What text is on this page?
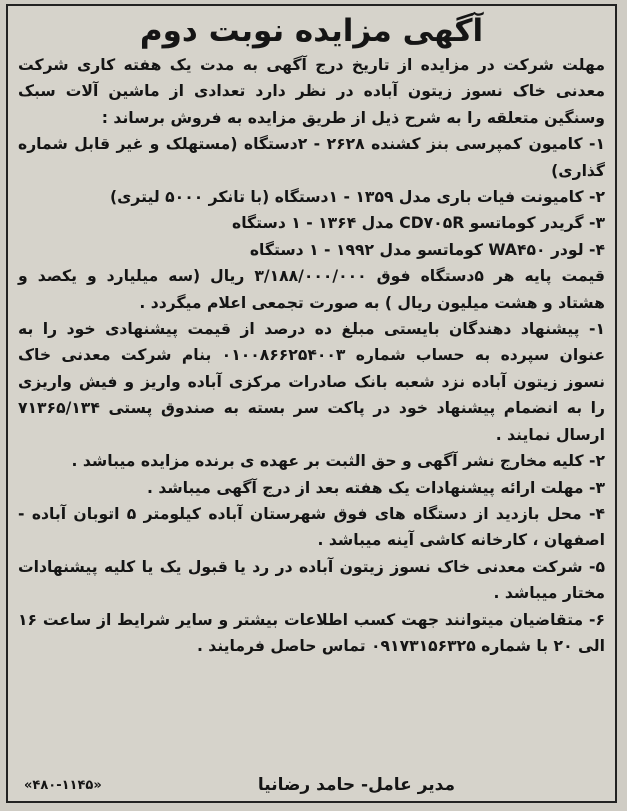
آگهی مزایده نوبت دوم

مهلت شرکت در مزایده از تاریخ درج آگهی به مدت یک هفته کاری شرکت معدنی خاک نسوز زیتون آباده در نظر دارد تعدادی از ماشین آلات سبک وسنگین متعلقه را به شرح ذیل از طریق مزایده به فروش برساند :

۱- کامیون کمپرسی بنز کشنده ۲۶۲۸ - ۲دستگاه (مستهلک و غیر قابل شماره گذاری)

۲- کامیونت فیات باری مدل ۱۳۵۹ - ۱دستگاه (با تانکر ۵۰۰۰ لیتری)

۳- گریدر کوماتسو CD۷۰۵R مدل ۱۳۶۴ - ۱ دستگاه

۴- لودر WA۴۵۰ کوماتسو مدل ۱۹۹۲ - ۱ دستگاه

قیمت پایه هر ۵دستگاه فوق ۳/۱۸۸/۰۰۰/۰۰۰ ریال (سه میلیارد و یکصد و هشتاد و هشت میلیون ریال ) به صورت تجمعی اعلام میگردد .

۱- پیشنهاد دهندگان بایستی مبلغ ده درصد از قیمت پیشنهادی خود را به عنوان سپرده به حساب شماره ۰۱۰۰۸۶۶۲۵۴۰۰۳ بنام شرکت معدنی خاک نسوز زیتون آباده نزد شعبه بانک صادرات مرکزی آباده واریز و فیش واریزی را به انضمام پیشنهاد خود در پاکت سر بسته به صندوق پستی ۷۱۳۶۵/۱۳۴ ارسال نمایند .

۲- کلیه مخارج نشر آگهی و حق الثبت بر عهده ی برنده مزایده میباشد .

۳- مهلت ارائه پیشنهادات یک هفته بعد از درج آگهی میباشد .

۴- محل بازدید از دستگاه های فوق شهرستان آباده کیلومتر ۵ اتوبان آباده - اصفهان ، کارخانه کاشی آینه میباشد .

۵- شرکت معدنی خاک نسوز زیتون آباده در رد یا قبول یک یا کلیه پیشنهادات مختار میباشد .

۶- متقاضیان میتوانند جهت کسب اطلاعات بیشتر و سایر شرایط از ساعت ۱۶ الی ۲۰ با شماره ۰۹۱۷۳۱۵۶۳۲۵ تماس حاصل فرمایند .

مدیر عامل- حامد رضانیا
«۴۸۰-۱۱۴۵»
